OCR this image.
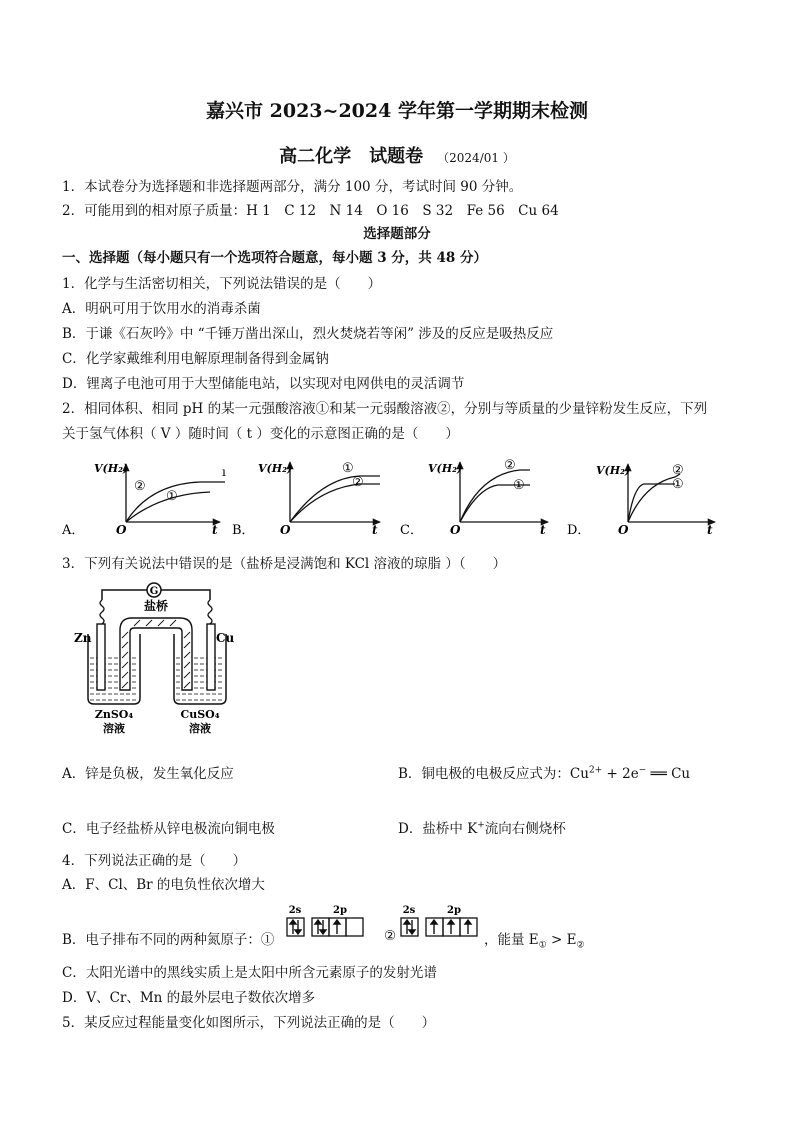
嘉兴市 2023~2024 学年第一学期期末检测
高二化学　试题卷 （2024/01 ）
1．本试卷分为选择题和非选择题两部分，满分 100 分，考试时间 90 分钟。
2．可能用到的相对原子质量：H 1　C 12　N 14　O 16　S 32　Fe 56　Cu 64
选择题部分
一、选择题（每小题只有一个选项符合题意，每小题 3 分，共 48 分）
1．化学与生活密切相关，下列说法错误的是（　　）
A．明矾可用于饮用水的消毒杀菌
B．于谦《石灰吟》中 “千锤万凿出深山，烈火焚烧若等闲” 涉及的反应是吸热反应
C．化学家戴维利用电解原理制备得到金属钠
D．锂离子电池可用于大型储能电站，以实现对电网供电的灵活调节
2．相同体积、相同 pH 的某一元强酸溶液①和某一元弱酸溶液②，分别与等质量的少量锌粉发生反应，下列
关于氢气体积（ V ）随时间（ t ）变化的示意图正确的是（　　）
A．
V(H₂)
O	t
②
①
ı
B．
V(H₂)
O	t
①
②
C．
V(H₂)
O	t
②
①
D．
V(H₂)
O	t
②
①
3．下列有关说法中错误的是（盐桥是浸满饱和 KCl 溶液的琼脂 ）（　　）
G
盐桥
Zn	Cu
ZnSO₄
溶液
CuSO₄
溶液
A．锌是负极，发生氧化反应	B．铜电极的电极反应式为：$Cu^{2+} + 2e^-$ ══ Cu
C．电子经盐桥从锌电极流向铜电极	D．盐桥中 K+流向右侧烧杯
4．下列说法正确的是（　　）
A．F、Cl、Br 的电负性依次增大
B．电子排布不同的两种氮原子：①
2s	2p
②
2s	2p
，能量 $E_① > E_②$
C．太阳光谱中的黑线实质上是太阳中所含元素原子的发射光谱
D．V、Cr、Mn 的最外层电子数依次增多
5．某反应过程能量变化如图所示，下列说法正确的是（　　）
